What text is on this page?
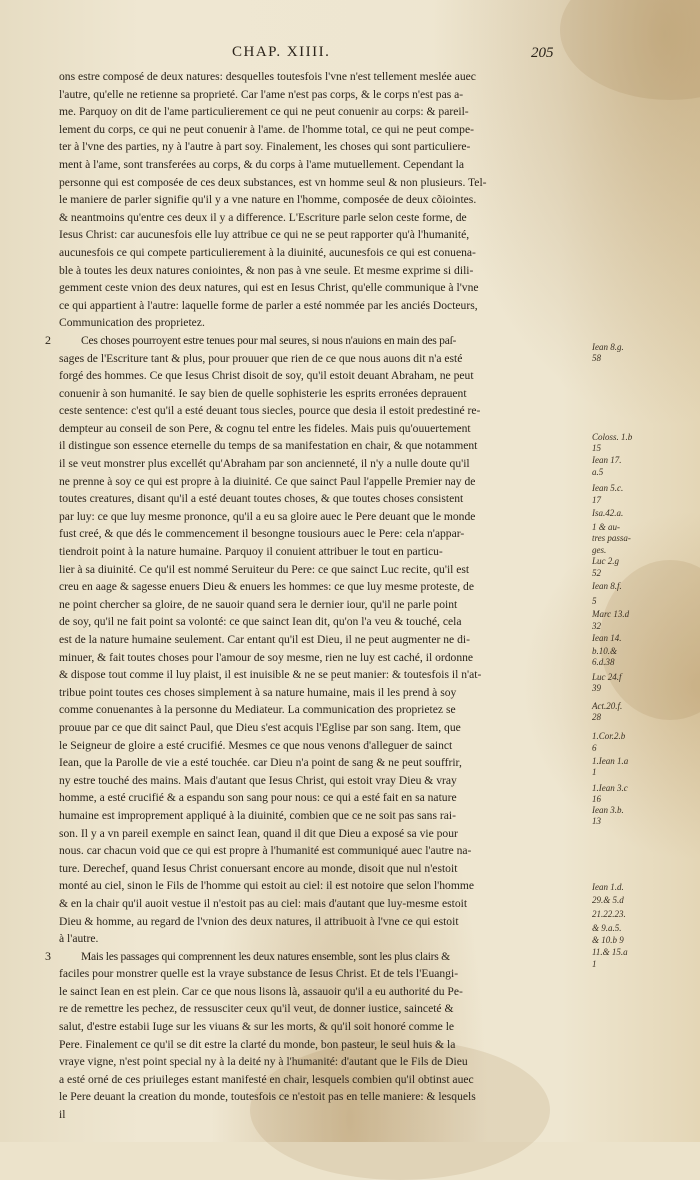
CHAP. XIIII.	205
ons estre composé de deux natures: desquelles toutesfois l'vne n'est tellement meslée auec
l'autre, qu'elle ne retienne sa proprieté. Car l'ame n'est pas corps, & le corps n'est pas a-
me. Parquoy on dit de l'ame particulierement ce qui ne peut conuenir au corps: & pareil-
lement du corps, ce qui ne peut conuenir à l'ame. de l'homme total, ce qui ne peut compe-
ter à l'vne des parties, ny à l'autre à part soy. Finalement, les choses qui sont particuliere-
ment à l'ame, sont transferées au corps, & du corps à l'ame mutuellement. Cependant la
personne qui est composée de ces deux substances, est vn homme seul & non plusieurs. Tel-
le maniere de parler signifie qu'il y a vne nature en l'homme, composée de deux cõiointes.
& neantmoins qu'entre ces deux il y a difference. L'Escriture parle selon ceste forme, de
Iesus Christ: car aucunesfois elle luy attribue ce qui ne se peut rapporter qu'à l'humanité,
aucunesfois ce qui compete particulierement à la diuinité, aucunesfois ce qui est conuena-
ble à toutes les deux natures coniointes, & non pas à vne seule. Et mesme exprime si dili-
gemment ceste vnion des deux natures, qui est en Iesus Christ, qu'elle communique à l'vne
ce qui appartient à l'autre: laquelle forme de parler a esté nommée par les anciés Docteurs,
Communication des proprietez.
2	Ces choses pourroyent estre tenues pour mal seures, si nous n'auions en main des paſ-
sages de l'Escriture tant & plus, pour prouuer que rien de ce que nous auons dit n'a esté
forgé des hommes. Ce que Iesus Christ disoit de soy, qu'il estoit deuant Abraham, ne peut
conuenir à son humanité. Ie say bien de quelle sophisterie les esprits erronées deprauent
ceste sentence: c'est qu'il a esté deuant tous siecles, pource que desia il estoit predestiné re-
dempteur au conseil de son Pere, & cognu tel entre les fideles. Mais puis qu'ouuertement
il distingue son essence eternelle du temps de sa manifestation en chair, & que notamment
il se veut monstrer plus excellét qu'Abraham par son ancienneté, il n'y a nulle doute qu'il
ne prenne à soy ce qui est propre à la diuinité. Ce que sainct Paul l'appelle Premier nay de
toutes creatures, disant qu'il a esté deuant toutes choses, & que toutes choses consistent
par luy: ce que luy mesme prononce, qu'il a eu sa gloire auec le Pere deuant que le monde
fust creé, & que dés le commencement il besongne tousiours auec le Pere: cela n'appar-
tiendroit point à la nature humaine. Parquoy il conuient attribuer le tout en particu-
lier à sa diuinité. Ce qu'il est nommé Seruiteur du Pere: ce que sainct Luc recite, qu'il est
creu en aage & sagesse enuers Dieu & enuers les hommes: ce que luy mesme proteste, de
ne point chercher sa gloire, de ne sauoir quand sera le dernier iour, qu'il ne parle point
de soy, qu'il ne fait point sa volonté: ce que sainct Iean dit, qu'on l'a veu & touché, cela
est de la nature humaine seulement. Car entant qu'il est Dieu, il ne peut augmenter ne di-
minuer, & fait toutes choses pour l'amour de soy mesme, rien ne luy est caché, il ordonne
& dispose tout comme il luy plaist, il est inuisible & ne se peut manier: & toutesfois il n'at-
tribue point toutes ces choses simplement à sa nature humaine, mais il les prend à soy
comme conuenantes à la personne du Mediateur. La communication des proprietez se
prouue par ce que dit sainct Paul, que Dieu s'est acquis l'Eglise par son sang. Item, que
le Seigneur de gloire a esté crucifié. Mesmes ce que nous venons d'alleguer de sainct
Iean, que la Parolle de vie a esté touchée. car Dieu n'a point de sang & ne peut souffrir,
ny estre touché des mains. Mais d'autant que Iesus Christ, qui estoit vray Dieu & vray
homme, a esté crucifié & a espandu son sang pour nous: ce qui a esté fait en sa nature
humaine est improprement appliqué à la diuinité, combien que ce ne soit pas sans rai-
son. Il y a vn pareil exemple en sainct Iean, quand il dit que Dieu a exposé sa vie pour
nous. car chacun void que ce qui est propre à l'humanité est communiqué auec l'autre na-
ture. Derechef, quand Iesus Christ conuersant encore au monde, disoit que nul n'estoit
monté au ciel, sinon le Fils de l'homme qui estoit au ciel: il est notoire que selon l'homme
& en la chair qu'il auoit vestue il n'estoit pas au ciel: mais d'autant que luy-mesme estoit
Dieu & homme, au regard de l'vnion des deux natures, il attribuoit à l'vne ce qui estoit
à l'autre.
3	Mais les passages qui comprennent les deux natures ensemble, sont les plus clairs &
faciles pour monstrer quelle est la vraye substance de Iesus Christ. Et de tels l'Euangi-
le sainct Iean en est plein. Car ce que nous lisons là, assauoir qu'il a eu authorité du Pe-
re de remettre les pechez, de ressusciter ceux qu'il veut, de donner iustice, sainceté &
salut, d'estre estabii Iuge sur les viuans & sur les morts, & qu'il soit honoré comme le
Pere. Finalement ce qu'il se dit estre la clarté du monde, bon pasteur, le seul huis & la
vraye vigne, n'est point special ny à la deité ny à l'humanité: d'autant que le Fils de Dieu
a esté orné de ces priuileges estant manifesté en chair, lesquels combien qu'il obtinst auec
le Pere deuant la creation du monde, toutesfois ce n'estoit pas en telle maniere: & lesquels
il
Iean 8.g.
58
Coloss. 1.b
15
Iean 17.
a.5
Iean 5.c.
17
Isa.42.a.
1 & au-
tres passa-
ges.
Luc 2.g
52
Iean 8.f.
5
Marc 13.d
32
Iean 14.
b.10.&
6.d.38
Luc 24.f
39
Act.20.f.
28
1.Cor.2.b
6
1.Iean 1.a
1
1.Iean 3.c
16
Iean 3.b.
13
Iean 1.d.
29.& 5.d
21.22.23.
& 9.a.5.
& 10.b 9
11.& 15.a
1
